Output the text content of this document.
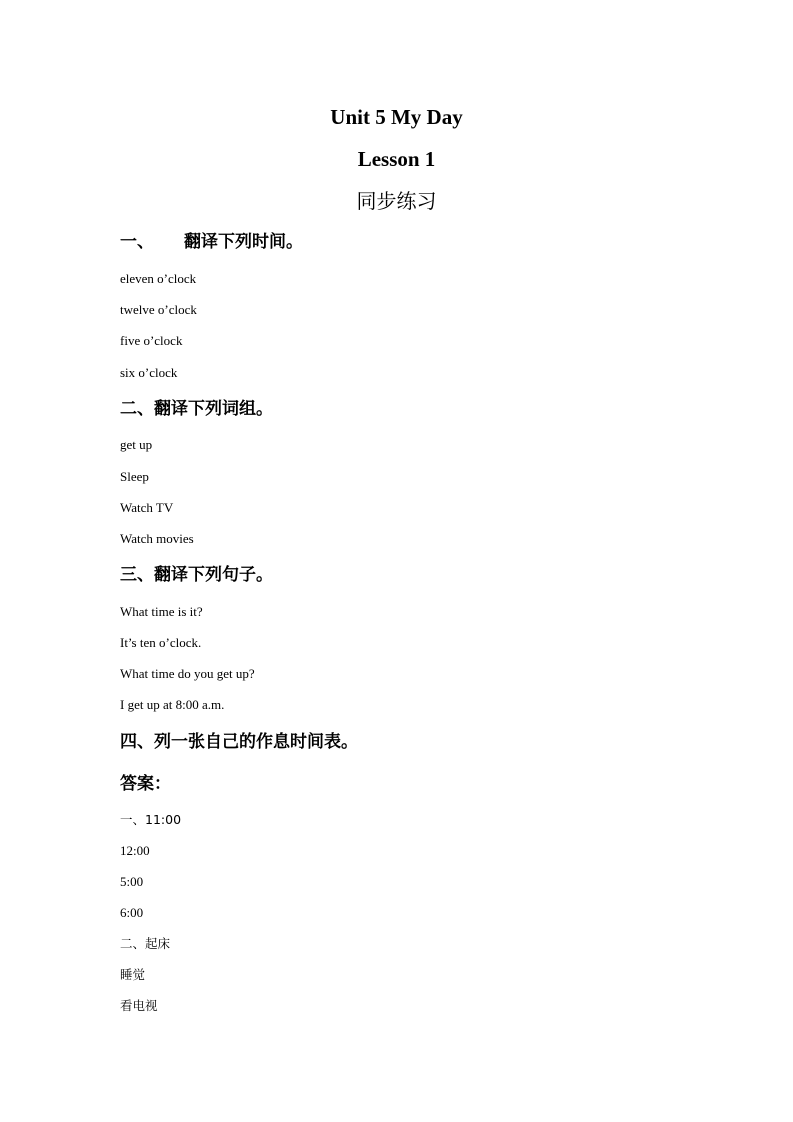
Unit 5 My Day
Lesson 1
同步练习
一、 翻译下列时间。
eleven o’clock
twelve o’clock
five o’clock
six o’clock
二、翻译下列词组。
get up
Sleep
Watch TV
Watch movies
三、翻译下列句子。
What time is it?
It’s ten o’clock.
What time do you get up?
I get up at 8:00 a.m.
四、列一张自己的作息时间表。
答案：
一、11:00
12:00
5:00
6:00
二、起床
睡觉
看电视
